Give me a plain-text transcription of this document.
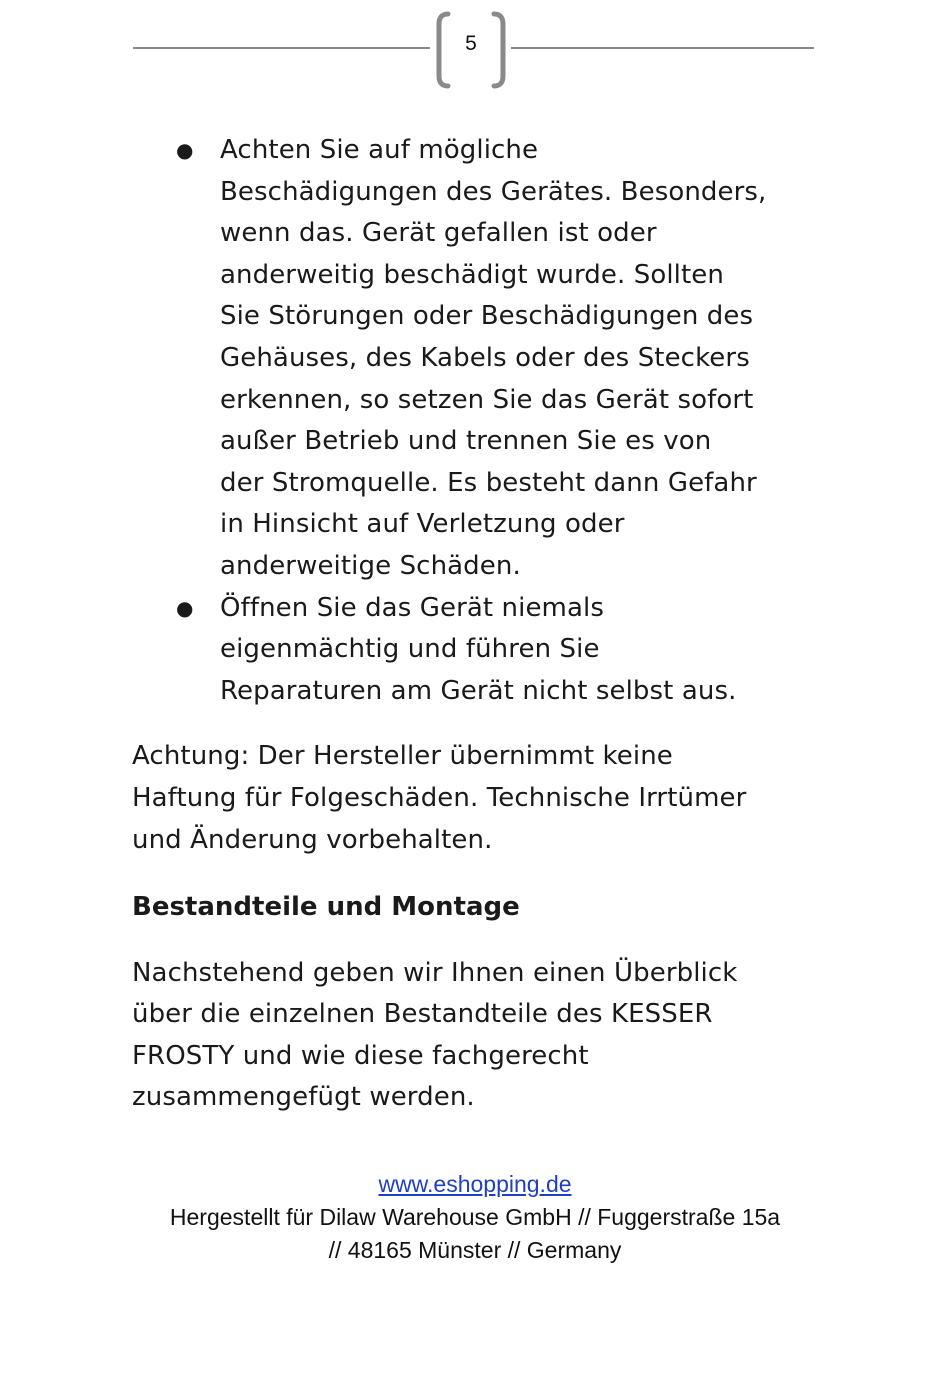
5
● Achten Sie auf mögliche
Beschädigungen des Gerätes. Besonders,
wenn das. Gerät gefallen ist oder
anderweitig beschädigt wurde. Sollten
Sie Störungen oder Beschädigungen des
Gehäuses, des Kabels oder des Steckers
erkennen, so setzen Sie das Gerät sofort
außer Betrieb und trennen Sie es von
der Stromquelle. Es besteht dann Gefahr
in Hinsicht auf Verletzung oder
anderweitige Schäden.
● Öffnen Sie das Gerät niemals
eigenmächtig und führen Sie
Reparaturen am Gerät nicht selbst aus.

Achtung: Der Hersteller übernimmt keine
Haftung für Folgeschäden. Technische Irrtümer
und Änderung vorbehalten.

Bestandteile und Montage

Nachstehend geben wir Ihnen einen Überblick
über die einzelnen Bestandteile des KESSER
FROSTY und wie diese fachgerecht
zusammengefügt werden.

www.eshopping.de
Hergestellt für Dilaw Warehouse GmbH // Fuggerstraße 15a
// 48165 Münster // Germany
